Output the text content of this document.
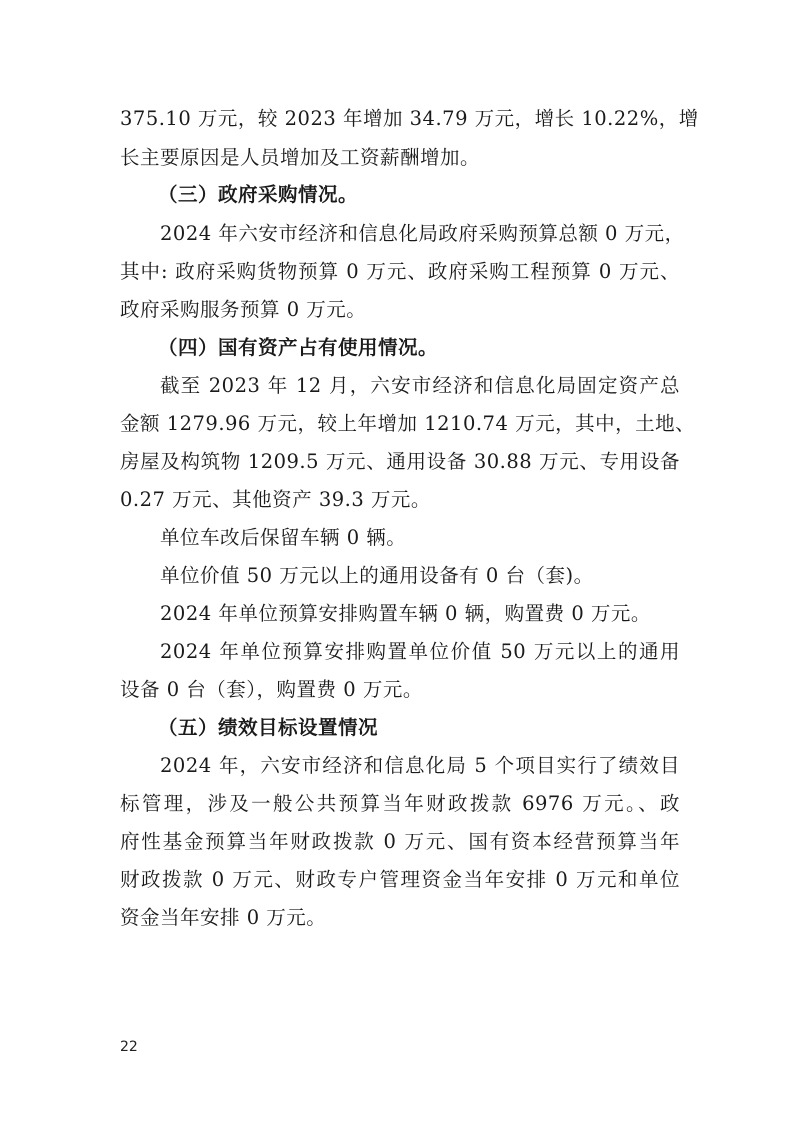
375.10 万元，较 2023 年增加 34.79 万元，增长 10.22%，增
长主要原因是人员增加及工资薪酬增加。
（三）政府采购情况。
2024 年六安市经济和信息化局政府采购预算总额 0 万元，
其中: 政府采购货物预算 0 万元、政府采购工程预算 0 万元、
政府采购服务预算 0 万元。
（四）国有资产占有使用情况。
截至 2023 年 12 月，六安市经济和信息化局固定资产总
金额 1279.96 万元，较上年增加 1210.74 万元，其中，土地、
房屋及构筑物 1209.5 万元、通用设备 30.88 万元、专用设备
0.27 万元、其他资产 39.3 万元。
单位车改后保留车辆 0 辆。
单位价值 50 万元以上的通用设备有 0 台（套)。
2024 年单位预算安排购置车辆 0 辆，购置费 0 万元。
2024 年单位预算安排购置单位价值 50 万元以上的通用
设备 0 台（套），购置费 0 万元。
（五）绩效目标设置情况
2024 年，六安市经济和信息化局 5 个项目实行了绩效目
标管理，涉及一般公共预算当年财政拨款 6976 万元。、政
府性基金预算当年财政拨款 0 万元、国有资本经营预算当年
财政拨款 0 万元、财政专户管理资金当年安排 0 万元和单位
资金当年安排 0 万元。
22
